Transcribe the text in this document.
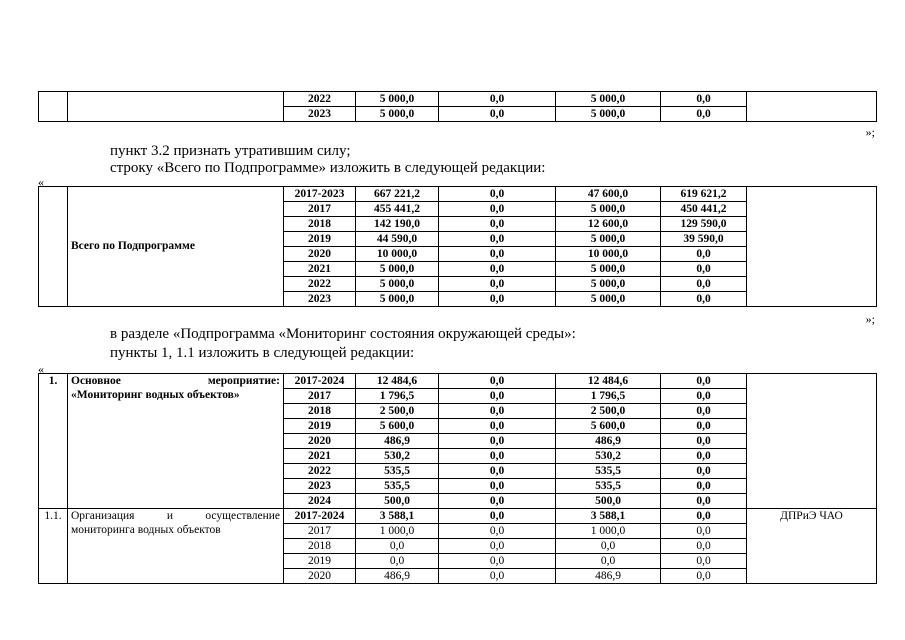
		2022	5 000,0	0,0	5 000,0	0,0	
		2023	5 000,0	0,0	5 000,0	0,0	
»;
пункт 3.2 признать утратившим силу;
строку «Всего по Подпрограмме» изложить в следующей редакции:
«
	Всего по Подпрограмме	2017-2023	667 221,2	0,0	47 600,0	619 621,2	
		2017	455 441,2	0,0	5 000,0	450 441,2	
		2018	142 190,0	0,0	12 600,0	129 590,0	
		2019	44 590,0	0,0	5 000,0	39 590,0	
		2020	10 000,0	0,0	10 000,0	0,0	
		2021	5 000,0	0,0	5 000,0	0,0	
		2022	5 000,0	0,0	5 000,0	0,0	
		2023	5 000,0	0,0	5 000,0	0,0	
»;
в разделе «Подпрограмма «Мониторинг состояния окружающей среды»:
пункты 1, 1.1 изложить в следующей редакции:
«
1.	Основное мероприятие:
«Мониторинг водных объектов»	2017-2024	12 484,6	0,0	12 484,6	0,0	
		2017	1 796,5	0,0	1 796,5	0,0	
		2018	2 500,0	0,0	2 500,0	0,0	
		2019	5 600,0	0,0	5 600,0	0,0	
		2020	486,9	0,0	486,9	0,0	
		2021	530,2	0,0	530,2	0,0	
		2022	535,5	0,0	535,5	0,0	
		2023	535,5	0,0	535,5	0,0	
		2024	500,0	0,0	500,0	0,0	
1.1.	Организация и осуществление
мониторинга водных объектов	2017-2024	3 588,1	0,0	3 588,1	0,0	ДПРиЭ ЧАО
		2017	1 000,0	0,0	1 000,0	0,0	
		2018	0,0	0,0	0,0	0,0	
		2019	0,0	0,0	0,0	0,0	
		2020	486,9	0,0	486,9	0,0	
